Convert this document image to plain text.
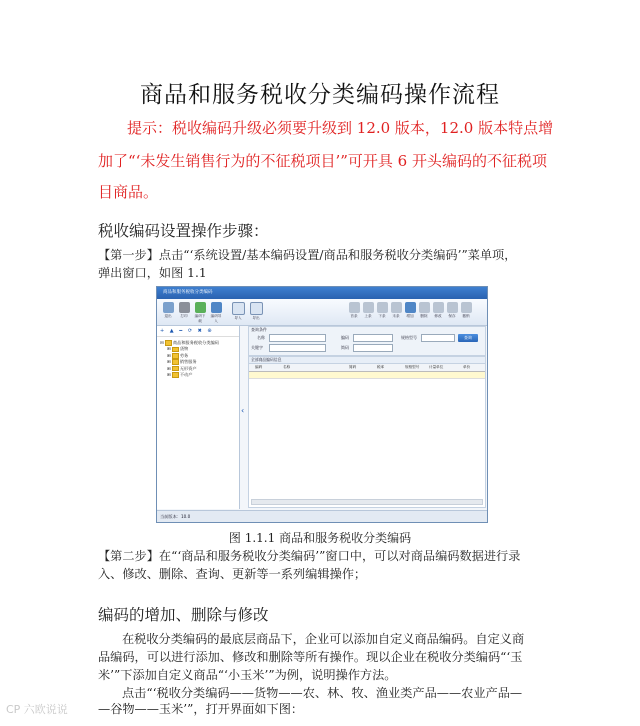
商品和服务税收分类编码操作流程
提示：税收编码升级必须要升级到 12.0 版本，12.0 版本特点增
加了“‘未发生销售行为的不征税项目’”可开具 6 开头编码的不征税项
目商品。
税收编码设置操作步骤：
【第一步】点击“‘系统设置/基本编码设置/商品和服务税收分类编码’”菜单项，
弹出窗口，如图 1.1
商品和服务税收分类编码
退出	打印	编码下载
编码导入
导入	导出	首条	上条	下条	末条	增加	删除	修改	保存	撤销
+ ▲ ━ ⟳ ✖ ⊕
⊟ 商品和服务税收分类编码
⊞ 货物
⊞ 劳务
⊞ 销售服务
⊞ 无形资产
⊞ 不动产
‹
查询条件
名称	编码	规格型号
关键字	简码
查询
全部商品编码信息
编码	名称	简码	税率	规格型号	计量单位	单价
当前版本：10.0
图 1.1.1 商品和服务税收分类编码
【第二步】在“‘商品和服务税收分类编码’”窗口中，可以对商品编码数据进行录
入、修改、删除、查询、更新等一系列编辑操作；
编码的增加、删除与修改
在税收分类编码的最底层商品下，企业可以添加自定义商品编码。自定义商
品编码，可以进行添加、修改和删除等所有操作。现以企业在税收分类编码“‘玉
米’”下添加自定义商品“‘小玉米’”为例，说明操作方法。
点击“‘税收分类编码——货物——农、林、牧、渔业类产品——农业产品—
—谷物——玉米’”，打开界面如下图：
CP 六欧说说
